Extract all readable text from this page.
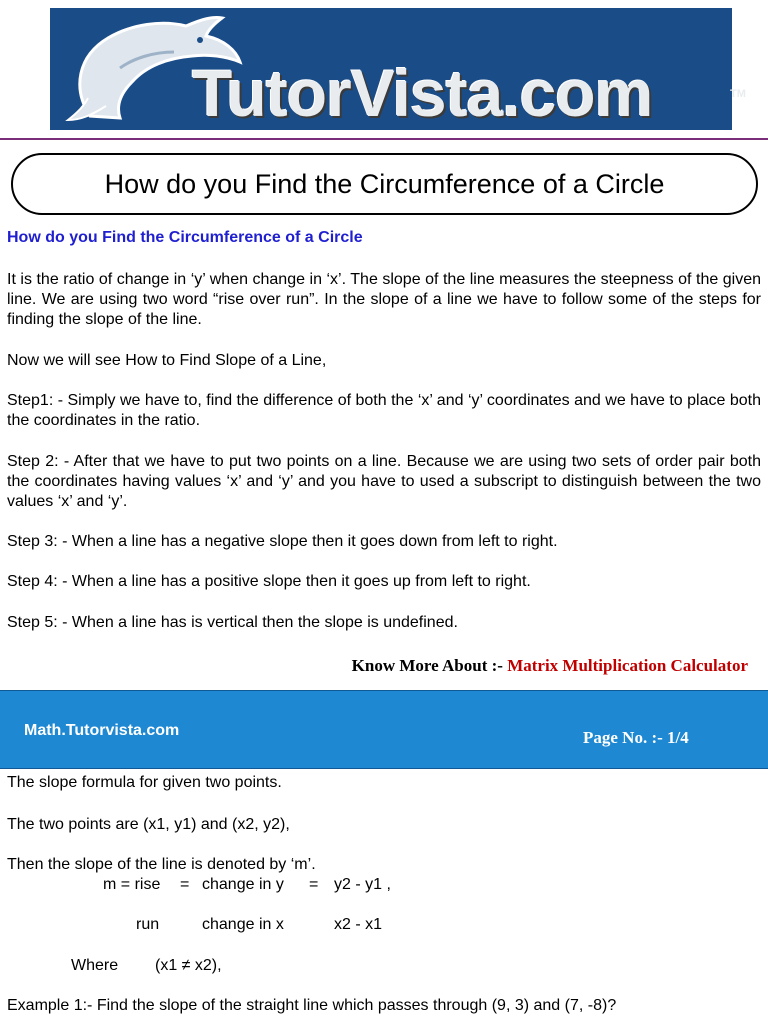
TutorVista.com	TM
How do you Find the Circumference of a Circle
How do you Find the Circumference of a Circle

It is the ratio of change in ‘y’ when change in ‘x’. The slope of the line measures the steepness of the given line. We are using two word “rise over run”. In the slope of a line we have to follow some of the steps for finding the slope of the line.

Now we will see How to Find Slope of a Line,

Step1: - Simply we have to, find the difference of both the ‘x’ and ‘y’ coordinates and we have to place both the coordinates in the ratio.

Step 2: - After that we have to put two points on a line. Because we are using two sets of order pair both the coordinates having values ‘x’ and ‘y’ and you have to used a subscript to distinguish between the two values ‘x’ and ‘y’.

Step 3: - When a line has a negative slope then it goes down from left to right.

Step 4: - When a line has a positive slope then it goes up from left to right.

Step 5: - When a line has is vertical then the slope is undefined.

Know More About :- Matrix Multiplication Calculator
Math.Tutorvista.com	Page No. :- 1/4
The slope formula for given two points.
The two points are (x1, y1) and (x2, y2),
Then the slope of the line is denoted by ‘m’.
m = rise = change in y = y2 - y1 ,
run	change in x	x2 - x1
Where (x1 ≠ x2),
Example 1:- Find the slope of the straight line which passes through (9, 3) and (7, -8)?
